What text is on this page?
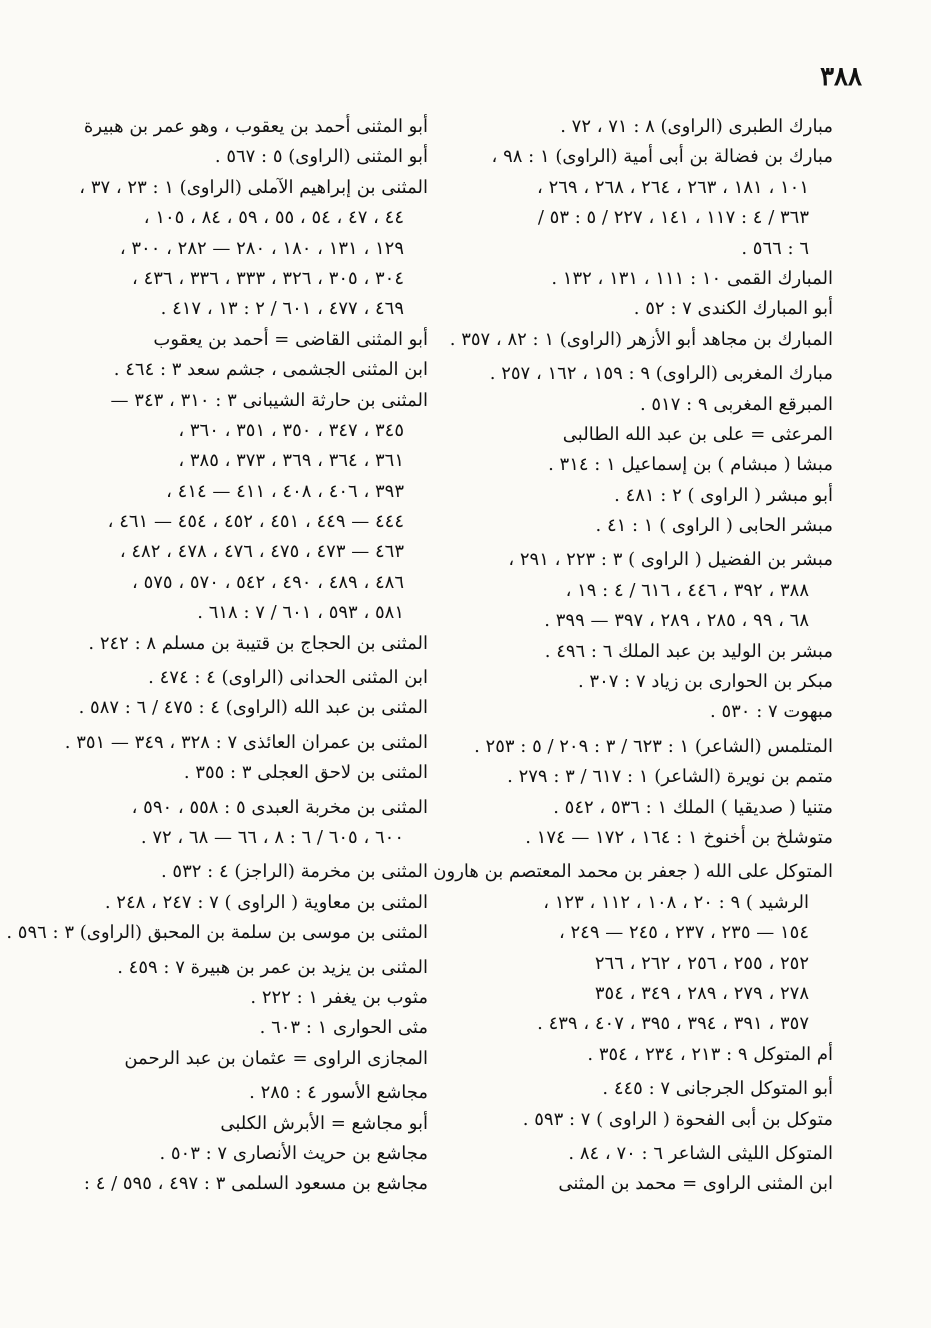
٣٨٨
مبارك الطبرى (الراوى) ٨ : ٧١ ، ٧٢ .
مبارك بن فضالة بن أبى أمية (الراوى) ١ : ٩٨ ،
١٠١ ، ١٨١ ، ٢٦٣ ، ٢٦٤ ، ٢٦٨ ، ٢٦٩ ،
٣٦٣ / ٤ : ١١٧ ، ١٤١ ، ٢٢٧ / ٥ : ٥٣ /
٦ : ٥٦٦ .
المبارك القمى ١٠ : ١١١ ، ١٣١ ، ١٣٢ .
أبو المبارك الكندى ٧ : ٥٢ .
المبارك بن مجاهد أبو الأزهر (الراوى) ١ : ٨٢ ، ٣٥٧ .
مبارك المغربى (الراوى) ٩ : ١٥٩ ، ١٦٢ ، ٢٥٧ .
المبرقع المغربى ٩ : ٥١٧ .
المرعثى = على بن عبد الله الطالبى
مبشا ( مبشام ) بن إسماعيل ١ : ٣١٤ .
أبو مبشر ( الراوى ) ٢ : ٤٨١ .
مبشر الحابى ( الراوى ) ١ : ٤١ .
مبشر بن الفضيل ( الراوى ) ٣ : ٢٢٣ ، ٢٩١ ،
٣٨٨ ، ٣٩٢ ، ٤٤٦ ، ٦١٦ / ٤ : ١٩ ،
٦٨ ، ٩٩ ، ٢٨٥ ، ٢٨٩ ، ٣٩٧ — ٣٩٩ .
مبشر بن الوليد بن عبد الملك ٦ : ٤٩٦ .
مبكر بن الحوارى بن زياد ٧ : ٣٠٧ .
مبهوت ٧ : ٥٣٠ .
المتلمس (الشاعر) ١ : ٦٢٣ / ٣ : ٢٠٩ / ٥ : ٢٥٣ .
متمم بن نويرة (الشاعر) ١ : ٦١٧ / ٣ : ٢٧٩ .
متنيا ( صديقيا ) الملك ١ : ٥٣٦ ، ٥٤٢ .
متوشلخ بن أخنوخ ١ : ١٦٤ ، ١٧٢ — ١٧٤ .
المتوكل على الله ( جعفر بن محمد المعتصم بن هارون
الرشيد ) ٩ : ٢٠ ، ١٠٨ ، ١١٢ ، ١٢٣ ،
١٥٤ — ٢٣٥ ، ٢٣٧ ، ٢٤٥ — ٢٤٩ ،
٢٥٢ ، ٢٥٥ ، ٢٥٦ ، ٢٦٢ ، ٢٦٦
٢٧٨ ، ٢٧٩ ، ٢٨٩ ، ٣٤٩ ، ٣٥٤
٣٥٧ ، ٣٩١ ، ٣٩٤ ، ٣٩٥ ، ٤٠٧ ، ٤٣٩ .
أم المتوكل ٩ : ٢١٣ ، ٢٣٤ ، ٣٥٤ .
أبو المتوكل الجرجانى ٧ : ٤٤٥ .
متوكل بن أبى الفحوة ( الراوى ) ٧ : ٥٩٣ .
المتوكل الليثى الشاعر ٦ : ٧٠ ، ٨٤ .
ابن المثنى الراوى = محمد بن المثنى
أبو المثنى أحمد بن يعقوب ، وهو عمر بن هبيرة
أبو المثنى (الراوى) ٥ : ٥٦٧ .
المثنى بن إبراهيم الآملى (الراوى) ١ : ٢٣ ، ٣٧ ،
٤٤ ، ٤٧ ، ٥٤ ، ٥٥ ، ٥٩ ، ٨٤ ، ١٠٥ ،
١٢٩ ، ١٣١ ، ١٨٠ ، ٢٨٠ — ٢٨٢ ، ٣٠٠ ،
٣٠٤ ، ٣٠٥ ، ٣٢٦ ، ٣٣٣ ، ٣٣٦ ، ٤٣٦ ،
٤٦٩ ، ٤٧٧ ، ٦٠١ / ٢ : ١٣ ، ٤١٧ .
أبو المثنى القاضى = أحمد بن يعقوب
ابن المثنى الجشمى ، جشم سعد ٣ : ٤٦٤ .
المثنى بن حارثة الشيبانى ٣ : ٣١٠ ، ٣٤٣ —
٣٤٥ ، ٣٤٧ ، ٣٥٠ ، ٣٥١ ، ٣٦٠ ،
٣٦١ ، ٣٦٤ ، ٣٦٩ ، ٣٧٣ ، ٣٨٥ ،
٣٩٣ ، ٤٠٦ ، ٤٠٨ ، ٤١١ — ٤١٤ ،
٤٤٤ — ٤٤٩ ، ٤٥١ ، ٤٥٢ ، ٤٥٤ — ٤٦١ ،
٤٦٣ — ٤٧٣ ، ٤٧٥ ، ٤٧٦ ، ٤٧٨ ، ٤٨٢ ،
٤٨٦ ، ٤٨٩ ، ٤٩٠ ، ٥٤٢ ، ٥٧٠ ، ٥٧٥ ،
٥٨١ ، ٥٩٣ ، ٦٠١ / ٧ : ٦١٨ .
المثنى بن الحجاج بن قتيبة بن مسلم ٨ : ٢٤٢ .
ابن المثنى الحدانى (الراوى) ٤ : ٤٧٤ .
المثنى بن عبد الله (الراوى) ٤ : ٤٧٥ / ٦ : ٥٨٧ .
المثنى بن عمران العائذى ٧ : ٣٢٨ ، ٣٤٩ — ٣٥١ .
المثنى بن لاحق العجلى ٣ : ٣٥٥ .
المثنى بن مخربة العبدى ٥ : ٥٥٨ ، ٥٩٠ ،
٦٠٠ ، ٦٠٥ / ٦ : ٨ ، ٦٦ — ٦٨ ، ٧٢ .
المثنى بن مخرمة (الراجز) ٤ : ٥٣٢ .
المثنى بن معاوية ( الراوى ) ٧ : ٢٤٧ ، ٢٤٨ .
المثنى بن موسى بن سلمة بن المحبق (الراوى) ٣ : ٥٩٦ .
المثنى بن يزيد بن عمر بن هبيرة ٧ : ٤٥٩ .
مثوب بن يغفر ١ : ٢٢٢ .
مثى الحوارى ١ : ٦٠٣ .
المجازى الراوى = عثمان بن عبد الرحمن
مجاشع الأسور ٤ : ٢٨٥ .
أبو مجاشع = الأبرش الكلبى
مجاشع بن حريث الأنصارى ٧ : ٥٠٣ .
مجاشع بن مسعود السلمى ٣ : ٤٩٧ ، ٥٩٥ / ٤ :
